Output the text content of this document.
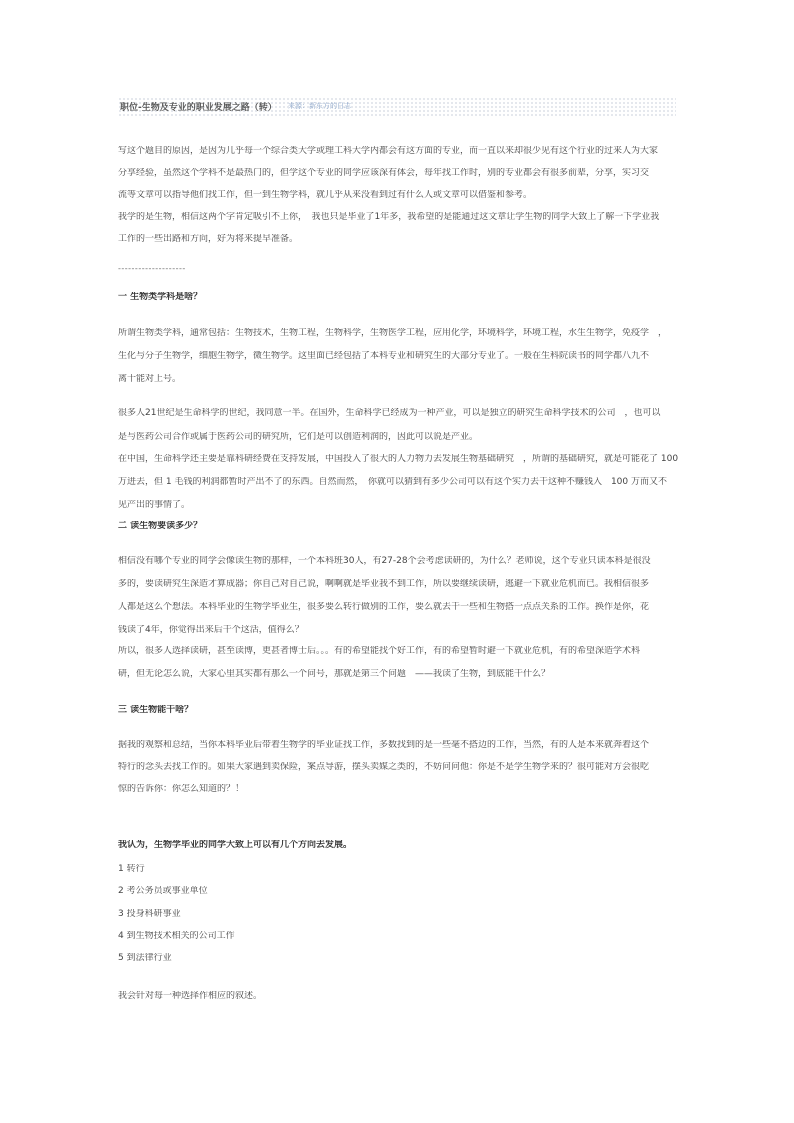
职位-生物及专业的职业发展之路（转） 来源：新东方的日志
写这个题目的原因，是因为几乎每一个综合类大学或理工科大学内都会有这方面的专业，而一直以来却很少见有这个行业的过来人为大家
分享经验，虽然这个学科不是最热门的，但学这个专业的同学应该深有体会，每年找工作时，别的专业都会有很多前辈，分享，实习交
流等文章可以指导他们找工作，但一到生物学科，就几乎从来没看到过有什么人或文章可以借鉴和参考。
我学的是生物，相信这两个字肯定吸引不上你，　我也只是毕业了1年多，我希望的是能通过这文章让学生物的同学大致上了解一下学业我
工作的一些出路和方向，好为将来提早准备。
--------------------
一 生物类学科是啥？
所谓生物类学科，通常包括：生物技术，生物工程，生物科学，生物医学工程，应用化学，环境科学，环境工程，水生生物学，免疫学　，
生化与分子生物学，细胞生物学，微生物学。这里面已经包括了本科专业和研究生的大部分专业了。一般在生科院读书的同学都八九不
离十能对上号。
很多人21世纪是生命科学的世纪，我同意一半。在国外，生命科学已经成为一种产业，可以是独立的研究生命科学技术的公司　，也可以
是与医药公司合作或属于医药公司的研究所，它们是可以创造利润的，因此可以说是产业。
在中国，生命科学还主要是靠科研经费在支持发展，中国投入了很大的人力物力去发展生物基础研究　，所谓的基础研究，就是可能花了 100
万进去，但 1 毛钱的利润都暂时产出不了的东西。自然而然，　你就可以猜到有多少公司可以有这个实力去干这种不赚钱入　100 万而又不
见产出的事情了。
二 读生物要读多少？
相信没有哪个专业的同学会像读生物的那样，一个本科班30人，有27-28个会考虑读研的，为什么？老师说，这个专业只读本科是很没
多的，要读研究生深造才算成器；你自己对自己说，啊啊就是毕业我不到工作，所以要继续读研，逃避一下就业危机而已。我相信很多
人都是这么个想法。本科毕业的生物学毕业生，很多要么转行做别的工作，要么就去干一些和生物搭一点点关系的工作。换作是你，花
钱读了4年，你觉得出来后干个这活，值得么？
所以，很多人选择读研，甚至读博，更甚者博士后。。。有的希望能找个好工作，有的希望暂时避一下就业危机，有的希望深造学术科
研，但无论怎么说，大家心里其实都有那么一个问号，那就是第三个问题　——我读了生物，到底能干什么？
三 读生物能干啥？
据我的观察和总结，当你本科毕业后带着生物学的毕业证找工作，多数找到的是一些毫不搭边的工作，当然，有的人是本来就奔着这个
特行的念头去找工作的。如果大家遇到卖保险，案点导游，摆头卖媒之类的，不妨问问他：你是不是学生物学来的？很可能对方会很吃
惊的告诉你：你怎么知道的？！
我认为，生物学毕业的同学大致上可以有几个方向去发展。
1 转行
2 考公务员或事业单位
3 投身科研事业
4 到生物技术相关的公司工作
5 到法律行业
我会针对每一种选择作相应的叙述。
